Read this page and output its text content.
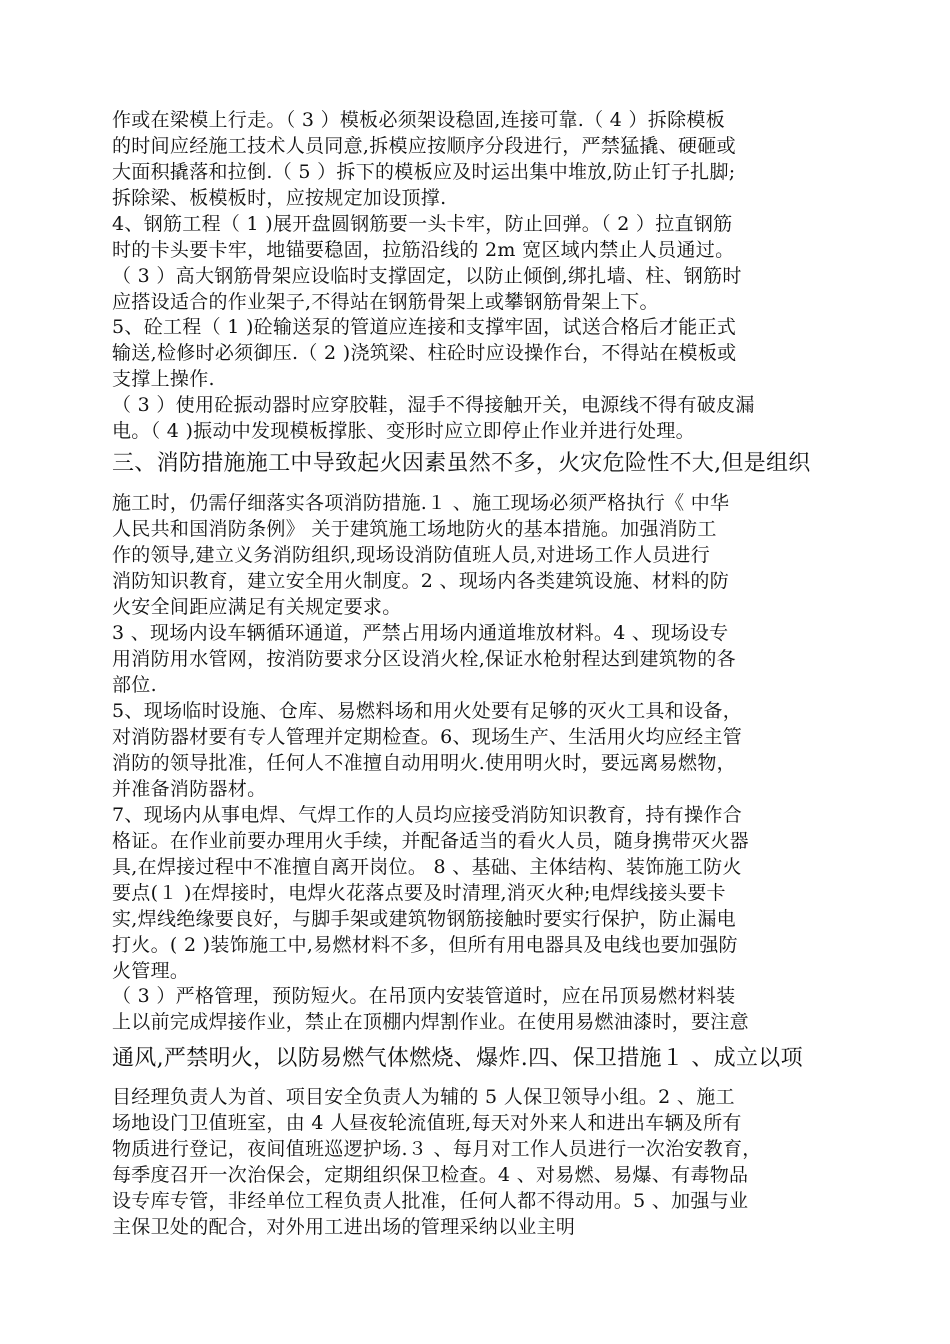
作或在梁模上行走。（ 3 ）模板必须架设稳固,连接可靠.（ 4 ）拆除模板
的时间应经施工技术人员同意,拆模应按顺序分段进行，严禁猛撬、硬砸或
大面积撬落和拉倒.（ 5 ）拆下的模板应及时运出集中堆放,防止钉子扎脚;
拆除梁、板模板时，应按规定加设顶撑.
4、钢筋工程（ 1 )展开盘圆钢筋要一头卡牢，防止回弹。（ 2 ）拉直钢筋
时的卡头要卡牢，地锚要稳固，拉筋沿线的 2m 宽区域内禁止人员通过。
（ 3 ）高大钢筋骨架应设临时支撑固定，以防止倾倒,绑扎墙、柱、钢筋时
应搭设适合的作业架子,不得站在钢筋骨架上或攀钢筋骨架上下。
5、砼工程（ 1 )砼输送泵的管道应连接和支撑牢固，试送合格后才能正式
输送,检修时必须御压.（ 2 )浇筑梁、柱砼时应设操作台，不得站在模板或
支撑上操作.
（ 3 ）使用砼振动器时应穿胶鞋，湿手不得接触开关，电源线不得有破皮漏
电。（ 4 )振动中发现模板撑胀、变形时应立即停止作业并进行处理。
三、消防措施施工中导致起火因素虽然不多，火灾危险性不大,但是组织
施工时，仍需仔细落实各项消防措施.１ 、施工现场必须严格执行《 中华
人民共和国消防条例》 关于建筑施工场地防火的基本措施。加强消防工
作的领导,建立义务消防组织,现场设消防值班人员,对进场工作人员进行
消防知识教育，建立安全用火制度。2 、现场内各类建筑设施、材料的防
火安全间距应满足有关规定要求。
3 、现场内设车辆循环通道，严禁占用场内通道堆放材料。4 、现场设专
用消防用水管网，按消防要求分区设消火栓,保证水枪射程达到建筑物的各
部位.
5、现场临时设施、仓库、易燃料场和用火处要有足够的灭火工具和设备，
对消防器材要有专人管理并定期检查。6、现场生产、生活用火均应经主管
消防的领导批准，任何人不准擅自动用明火.使用明火时，要远离易燃物，
并准备消防器材。
7、现场内从事电焊、气焊工作的人员均应接受消防知识教育，持有操作合
格证。在作业前要办理用火手续，并配备适当的看火人员，随身携带灭火器
具,在焊接过程中不准擅自离开岗位。 8 、基础、主体结构、装饰施工防火
要点(１ )在焊接时，电焊火花落点要及时清理,消灭火种;电焊线接头要卡
实,焊线绝缘要良好，与脚手架或建筑物钢筋接触时要实行保护，防止漏电
打火。( 2 )装饰施工中,易燃材料不多，但所有用电器具及电线也要加强防
火管理。
（ 3 ）严格管理，预防短火。在吊顶内安装管道时，应在吊顶易燃材料装
上以前完成焊接作业，禁止在顶棚内焊割作业。在使用易燃油漆时，要注意
通风,严禁明火，以防易燃气体燃烧、爆炸.四、保卫措施１ 、成立以项
目经理负责人为首、项目安全负责人为辅的 5 人保卫领导小组。2 、施工
场地设门卫值班室，由 4 人昼夜轮流值班,每天对外来人和进出车辆及所有
物质进行登记，夜间值班巡逻护场.３ 、每月对工作人员进行一次治安教育，
每季度召开一次治保会，定期组织保卫检查。4 、对易燃、易爆、有毒物品
设专库专管，非经单位工程负责人批准，任何人都不得动用。5 、加强与业
主保卫处的配合，对外用工进出场的管理采纳以业主明
